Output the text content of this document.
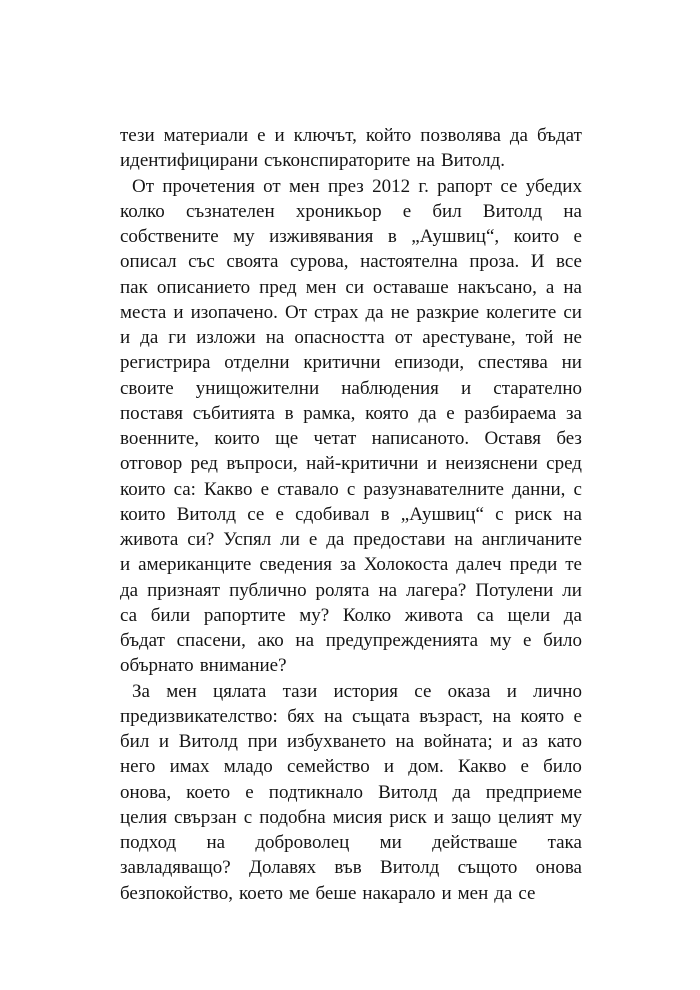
тези материали е и ключът, който позволява да бъдат
идентифицирани съконспираторите на Витолд.
От прочетения от мен през 2012 г. рапорт се убедих
колко съзнателен хроникьор е бил Витолд на
собствените му изживявания в „Аушвиц“, които е
описал със своята сурова, настоятелна проза. И все
пак описанието пред мен си оставаше накъсано, а на
места и изопачено. От страх да не разкрие колегите си
и да ги изложи на опасността от арестуване, той не
регистрира отделни критични епизоди, спестява ни
своите унищожителни наблюдения и старателно
поставя събитията в рамка, която да е разбираема за
военните, които ще четат написаното. Оставя без
отговор ред въпроси, най-критични и неизяснени сред
които са: Какво е ставало с разузнавателните данни, с
които Витолд се е сдобивал в „Аушвиц“ с риск на
живота си? Успял ли е да предостави на англичаните
и американците сведения за Холокоста далеч преди те
да признаят публично ролята на лагера? Потулени ли
са били рапортите му? Колко живота са щели да
бъдат спасени, ако на предупрежденията му е било
обърнато внимание?
За мен цялата тази история се оказа и лично
предизвикателство: бях на същата възраст, на която е
бил и Витолд при избухването на войната; и аз като
него имах младо семейство и дом. Какво е било
онова, което е подтикнало Витолд да предприеме
целия свързан с подобна мисия риск и защо целият му
подход на доброволец ми действаше така
завладяващо? Долавях във Витолд същото онова
безпокойство, което ме беше накарало и мен да се
